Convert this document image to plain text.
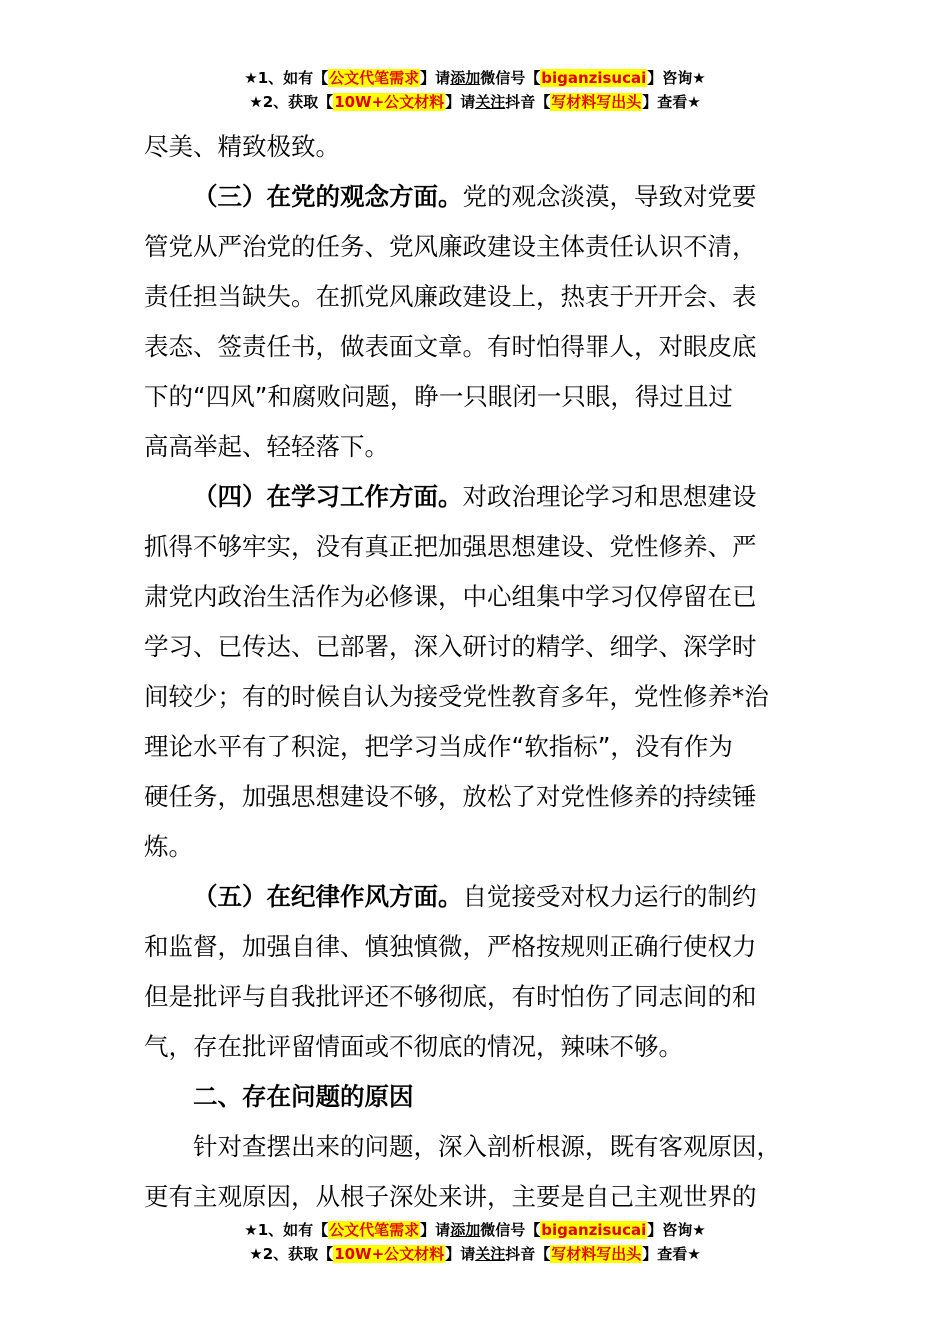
★1、如有【公文代笔需求】请添加微信号【biganzisucai】咨询★
★2、获取【10W+公文材料】请关注抖音【写材料写出头】查看★

尽美、精致极致。

（三）在党的观念方面。党的观念淡漠，导致对党要

管党从严治党的任务、党风廉政建设主体责任认识不清，

责任担当缺失。在抓党风廉政建设上，热衷于开开会、表

表态、签责任书，做表面文章。有时怕得罪人，对眼皮底

下的“四风”和腐败问题，睁一只眼闭一只眼，得过且过

高高举起、轻轻落下。

（四）在学习工作方面。对政治理论学习和思想建设

抓得不够牢实，没有真正把加强思想建设、党性修养、严

肃党内政治生活作为必修课，中心组集中学习仅停留在已

学习、已传达、已部署，深入研讨的精学、细学、深学时

间较少；有的时候自认为接受党性教育多年，党性修养*治

理论水平有了积淀，把学习当成作“软指标”，没有作为

硬任务，加强思想建设不够，放松了对党性修养的持续锤

炼。

（五）在纪律作风方面。自觉接受对权力运行的制约

和监督，加强自律、慎独慎微，严格按规则正确行使权力

但是批评与自我批评还不够彻底，有时怕伤了同志间的和

气，存在批评留情面或不彻底的情况，辣味不够。

二、存在问题的原因

针对查摆出来的问题，深入剖析根源，既有客观原因，

更有主观原因，从根子深处来讲，主要是自己主观世界的

★1、如有【公文代笔需求】请添加微信号【biganzisucai】咨询★
★2、获取【10W+公文材料】请关注抖音【写材料写出头】查看★
